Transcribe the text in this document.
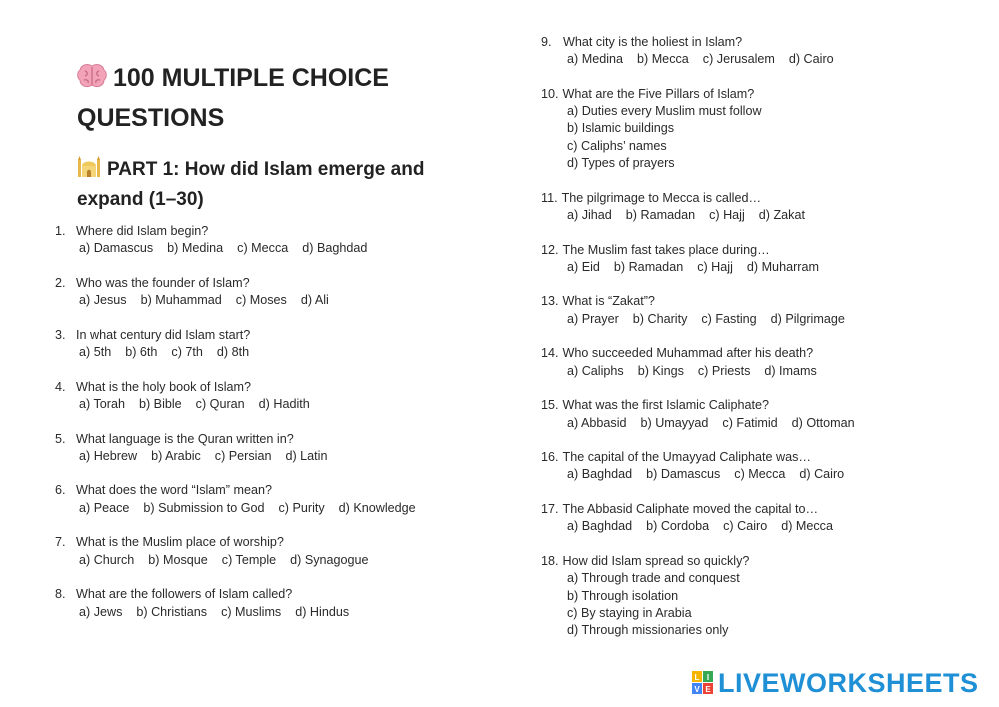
100 MULTIPLE CHOICE QUESTIONS
PART 1: How did Islam emerge and expand (1–30)
1. Where did Islam begin?
a) Damascus    b) Medina    c) Mecca    d) Baghdad
2. Who was the founder of Islam?
a) Jesus    b) Muhammad    c) Moses    d) Ali
3. In what century did Islam start?
a) 5th    b) 6th    c) 7th    d) 8th
4. What is the holy book of Islam?
a) Torah    b) Bible    c) Quran    d) Hadith
5. What language is the Quran written in?
a) Hebrew    b) Arabic    c) Persian    d) Latin
6. What does the word “Islam” mean?
a) Peace    b) Submission to God    c) Purity    d) Knowledge
7. What is the Muslim place of worship?
a) Church    b) Mosque    c) Temple    d) Synagogue
8. What are the followers of Islam called?
a) Jews    b) Christians    c) Muslims    d) Hindus
9. What city is the holiest in Islam?
a) Medina    b) Mecca    c) Jerusalem    d) Cairo
10. What are the Five Pillars of Islam?
a) Duties every Muslim must follow
b) Islamic buildings
c) Caliphs’ names
d) Types of prayers
11. The pilgrimage to Mecca is called…
a) Jihad    b) Ramadan    c) Hajj    d) Zakat
12. The Muslim fast takes place during…
a) Eid    b) Ramadan    c) Hajj    d) Muharram
13. What is “Zakat”?
a) Prayer    b) Charity    c) Fasting    d) Pilgrimage
14. Who succeeded Muhammad after his death?
a) Caliphs    b) Kings    c) Priests    d) Imams
15. What was the first Islamic Caliphate?
a) Abbasid    b) Umayyad    c) Fatimid    d) Ottoman
16. The capital of the Umayyad Caliphate was…
a) Baghdad    b) Damascus    c) Mecca    d) Cairo
17. The Abbasid Caliphate moved the capital to…
a) Baghdad    b) Cordoba    c) Cairo    d) Mecca
18. How did Islam spread so quickly?
a) Through trade and conquest
b) Through isolation
c) By staying in Arabia
d) Through missionaries only
L I
V E LIVEWORKSHEETS
